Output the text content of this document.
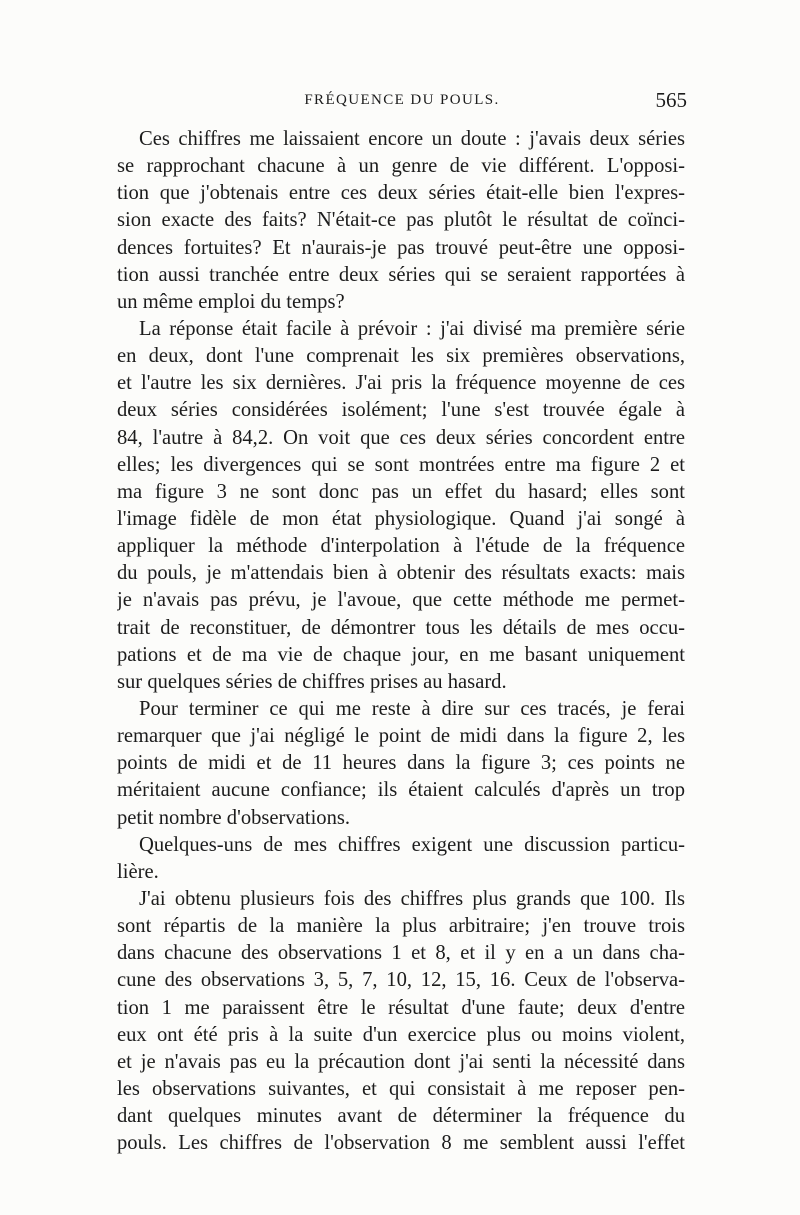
FRÉQUENCE DU POULS.	565
Ces chiffres me laissaient encore un doute : j'avais deux séries
se rapprochant chacune à un genre de vie différent. L'opposi-
tion que j'obtenais entre ces deux séries était-elle bien l'expres-
sion exacte des faits? N'était-ce pas plutôt le résultat de coïnci-
dences fortuites? Et n'aurais-je pas trouvé peut-être une opposi-
tion aussi tranchée entre deux séries qui se seraient rapportées à
un même emploi du temps?
La réponse était facile à prévoir : j'ai divisé ma première série
en deux, dont l'une comprenait les six premières observations,
et l'autre les six dernières. J'ai pris la fréquence moyenne de ces
deux séries considérées isolément; l'une s'est trouvée égale à
84, l'autre à 84,2. On voit que ces deux séries concordent entre
elles; les divergences qui se sont montrées entre ma figure 2 et
ma figure 3 ne sont donc pas un effet du hasard; elles sont
l'image fidèle de mon état physiologique. Quand j'ai songé à
appliquer la méthode d'interpolation à l'étude de la fréquence
du pouls, je m'attendais bien à obtenir des résultats exacts: mais
je n'avais pas prévu, je l'avoue, que cette méthode me permet-
trait de reconstituer, de démontrer tous les détails de mes occu-
pations et de ma vie de chaque jour, en me basant uniquement
sur quelques séries de chiffres prises au hasard.
Pour terminer ce qui me reste à dire sur ces tracés, je ferai
remarquer que j'ai négligé le point de midi dans la figure 2, les
points de midi et de 11 heures dans la figure 3; ces points ne
méritaient aucune confiance; ils étaient calculés d'après un trop
petit nombre d'observations.
Quelques-uns de mes chiffres exigent une discussion particu-
lière.
J'ai obtenu plusieurs fois des chiffres plus grands que 100. Ils
sont répartis de la manière la plus arbitraire; j'en trouve trois
dans chacune des observations 1 et 8, et il y en a un dans cha-
cune des observations 3, 5, 7, 10, 12, 15, 16. Ceux de l'observa-
tion 1 me paraissent être le résultat d'une faute; deux d'entre
eux ont été pris à la suite d'un exercice plus ou moins violent,
et je n'avais pas eu la précaution dont j'ai senti la nécessité dans
les observations suivantes, et qui consistait à me reposer pen-
dant quelques minutes avant de déterminer la fréquence du
pouls. Les chiffres de l'observation 8 me semblent aussi l'effet
